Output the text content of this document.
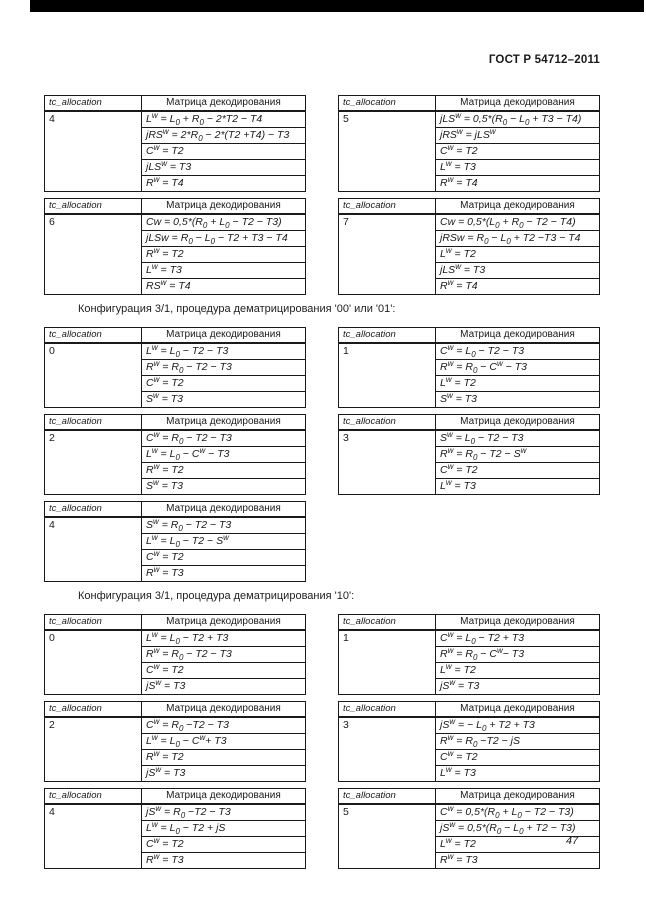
ГОСТ Р 54712–2011
tc_allocation	Матрица декодирования
4	$L^w = L_0 + R_0 - 2*T2 - T4$
	$jRS^w = 2*R_0 - 2*(T2 +T4) - T3$
	$C^w = T2$
	jLS$^w$ = T3
	$R^w = T4$
tc_allocation	Матрица декодирования
5	$jLS^w = 0,5*(R_0 - L_0 + T3 - T4)$
	jRS$^w$ = jLS$^w$
	$C^w = T2$
	$L^w = T3$
	$R^w = T4$
tc_allocation	Матрица декодирования
6	$Cw = 0,5*(R_0 + L_0 - T2 - T3)$
	jLSw = $R_0 - L_0 - T2 + T3 - T4$
	$R^w = T2$
	$L^w = T3$
	$RS^w = T4$
tc_allocation	Матрица декодирования
7	$Cw = 0,5*(L_0 + R_0 - T2 - T4)$
	jRSw = $R_0 - L_0 + T2 -T3 - T4$
	$L^w = T2$
	jLS$^w$ = T3
	$R^w = T4$
Конфигурация 3/1, процедура дематрицирования '00' или '01':
tc_allocation	Матрица декодирования
0	$L^w = L_0 - T2 - T3$
	$R^w = R_0 - T2 - T3$
	$C^w = T2$
	$S^w = T3$
tc_allocation	Матрица декодирования
1	$C^w = L_0 - T2 - T3$
	$R^w = R_0 - C^w - T3$
	$L^w = T2$
	$S^w = T3$
tc_allocation	Матрица декодирования
2	$C^w = R_0 - T2 - T3$
	$L^w = L_0 - C^w - T3$
	$R^w = T2$
	$S^w = T3$
tc_allocation	Матрица декодирования
3	$S^w = L_0 - T2 - T3$
	$R^w = R_0 - T2 - S^w$
	$C^w = T2$
	$L^w = T3$
tc_allocation	Матрица декодирования
4	$S^w = R_0 - T2 - T3$
	$L^w = L_0 - T2 - S^w$
	$C^w = T2$
	$R^w = T3$
Конфигурация 3/1, процедура дематрицирования '10':
tc_allocation	Матрица декодирования
0	$L^w = L_0 - T2 + T3$
	$R^w = R_0 - T2 - T3$
	$C^w = T2$
	$jS^w = T3$
tc_allocation	Матрица декодирования
1	$C^w = L_0 - T2 + T3$
	$R^w = R_0 - C^w- T3$
	$L^w = T2$
	$jS^w = T3$
tc_allocation	Матрица декодирования
2	$C^w = R_0 -T2 - T3$
	$L^w = L_0 - C^w+ T3$
	$R^w = T2$
	$jS^w = T3$
tc_allocation	Матрица декодирования
3	$jS^w$ = − $L_0 + T2 + T3$
	$R^w = R_0 -T2$ − jS
	$C^w = T2$
	$L^w = T3$
tc_allocation	Матрица декодирования
4	$jS^w = R_0 -T2 - T3$
	$L^w = L_0 - T2$ + jS
	$C^w = T2$
	$R^w = T3$
tc_allocation	Матрица декодирования
5	$C^w = 0,5*(R_0 + L_0 - T2 - T3)$
	$jS^w = 0,5*(R_0 - L_0 + T2 - T3)$
	$L^w = T2$
	$R^w = T3$
47
